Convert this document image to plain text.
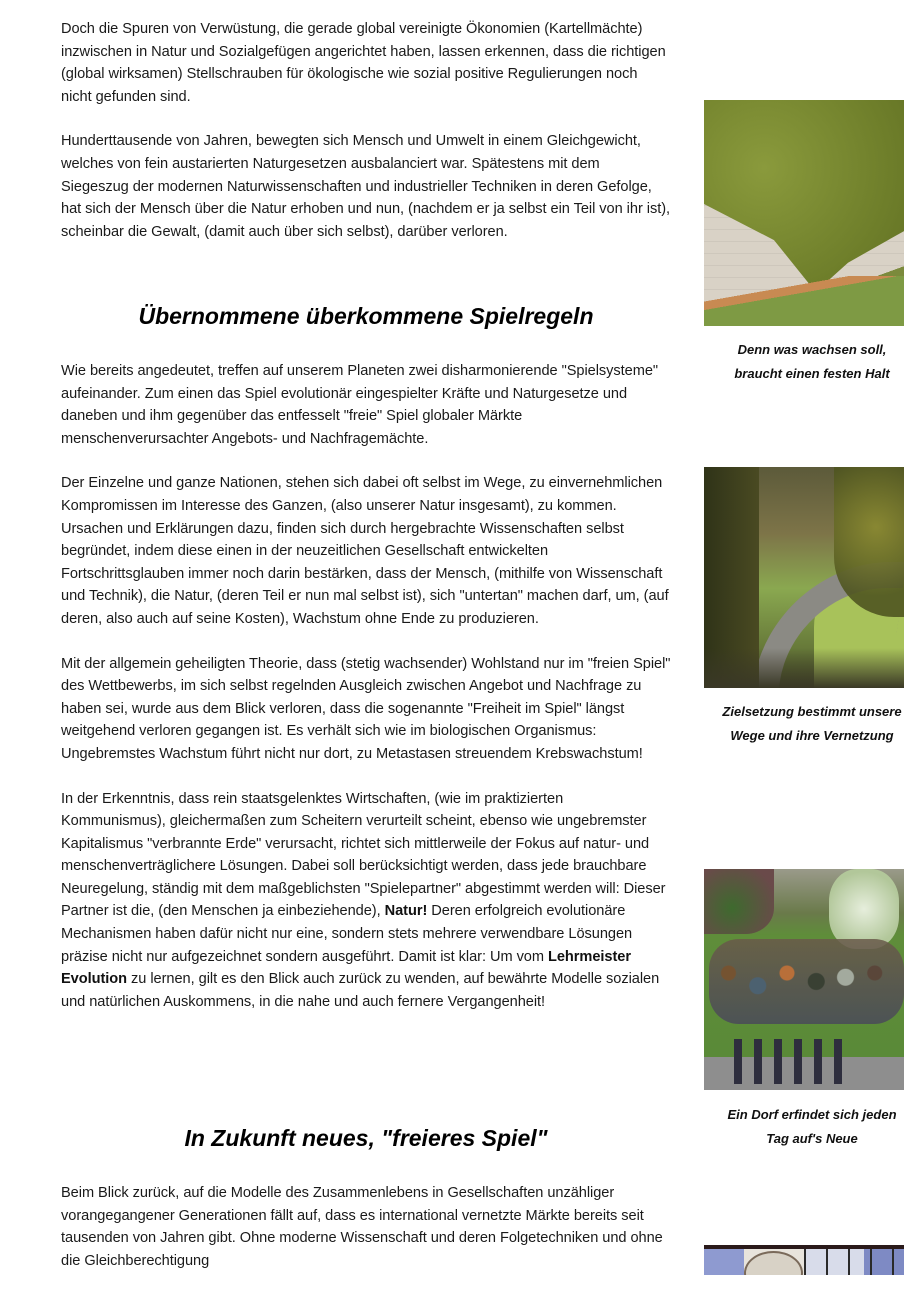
Doch die Spuren von Verwüstung, die gerade global vereinigte Ökonomien (Kartellmächte) inzwischen in Natur und Sozialgefügen angerichtet haben, lassen erkennen, dass die richtigen (global wirksamen) Stellschrauben für ökologische wie sozial positive Regulierungen noch nicht gefunden sind.

Hunderttausende von Jahren, bewegten sich Mensch und Umwelt in einem Gleichgewicht, welches von fein austarierten Naturgesetzen ausbalanciert war. Spätestens mit dem Siegeszug der modernen Naturwissenschaften und industrieller Techniken in deren Gefolge, hat sich der Mensch über die Natur erhoben und nun, (nachdem er ja selbst ein Teil von ihr ist), scheinbar die Gewalt, (damit auch über sich selbst), darüber verloren.

Übernommene überkommene Spielregeln

Wie bereits angedeutet, treffen auf unserem Planeten zwei disharmonierende "Spielsysteme" aufeinander. Zum einen das Spiel evolutionär eingespielter Kräfte und Naturgesetze und daneben und ihm gegenüber das entfesselt "freie" Spiel globaler Märkte menschenverursachter Angebots- und Nachfragemächte.

Der Einzelne und ganze Nationen, stehen sich dabei oft selbst im Wege, zu einvernehmlichen Kompromissen im Interesse des Ganzen, (also unserer Natur insgesamt), zu kommen. Ursachen und Erklärungen dazu, finden sich durch hergebrachte Wissenschaften selbst begründet, indem diese einen in der neuzeitlichen Gesellschaft entwickelten Fortschrittsglauben immer noch darin bestärken, dass der Mensch, (mithilfe von Wissenschaft und Technik), die Natur, (deren Teil er nun mal selbst ist), sich "untertan" machen darf, um, (auf deren, also auch auf seine Kosten), Wachstum ohne Ende zu produzieren.

Mit der allgemein geheiligten Theorie, dass (stetig wachsender) Wohlstand nur im "freien Spiel" des Wettbewerbs, im sich selbst regelnden Ausgleich zwischen Angebot und Nachfrage zu haben sei, wurde aus dem Blick verloren, dass die sogenannte "Freiheit im Spiel" längst weitgehend verloren gegangen ist. Es verhält sich wie im biologischen Organismus: Ungebremstes Wachstum führt nicht nur dort, zu Metastasen streuendem Krebswachstum!

In der Erkenntnis, dass rein staatsgelenktes Wirtschaften, (wie im praktizierten Kommunismus), gleichermaßen zum Scheitern verurteilt scheint, ebenso wie ungebremster Kapitalismus "verbrannte Erde" verursacht, richtet sich mittlerweile der Fokus auf natur- und menschenverträglichere Lösungen. Dabei soll berücksichtigt werden, dass jede brauchbare Neuregelung, ständig mit dem maßgeblichsten "Spielepartner" abgestimmt werden will: Dieser Partner ist die, (den Menschen ja einbeziehende), Natur! Deren erfolgreich evolutionäre Mechanismen haben dafür nicht nur eine, sondern stets mehrere verwendbare Lösungen präzise nicht nur aufgezeichnet sondern ausgeführt. Damit ist klar: Um vom Lehrmeister Evolution zu lernen, gilt es den Blick auch zurück zu wenden, auf bewährte Modelle sozialen und natürlichen Auskommens, in die nahe und auch fernere Vergangenheit!

In Zukunft neues, "freieres Spiel"

Beim Blick zurück, auf die Modelle des Zusammenlebens in Gesellschaften unzähliger vorangegangener Generationen fällt auf, dass es international vernetzte Märkte bereits seit tausenden von Jahren gibt. Ohne moderne Wissenschaft und deren Folgetechniken und ohne die Gleichberechtigung

Denn was wachsen soll,
braucht einen festen Halt
Zielsetzung bestimmt unsere
Wege und ihre Vernetzung
Ein Dorf erfindet sich jeden
Tag auf's Neue
